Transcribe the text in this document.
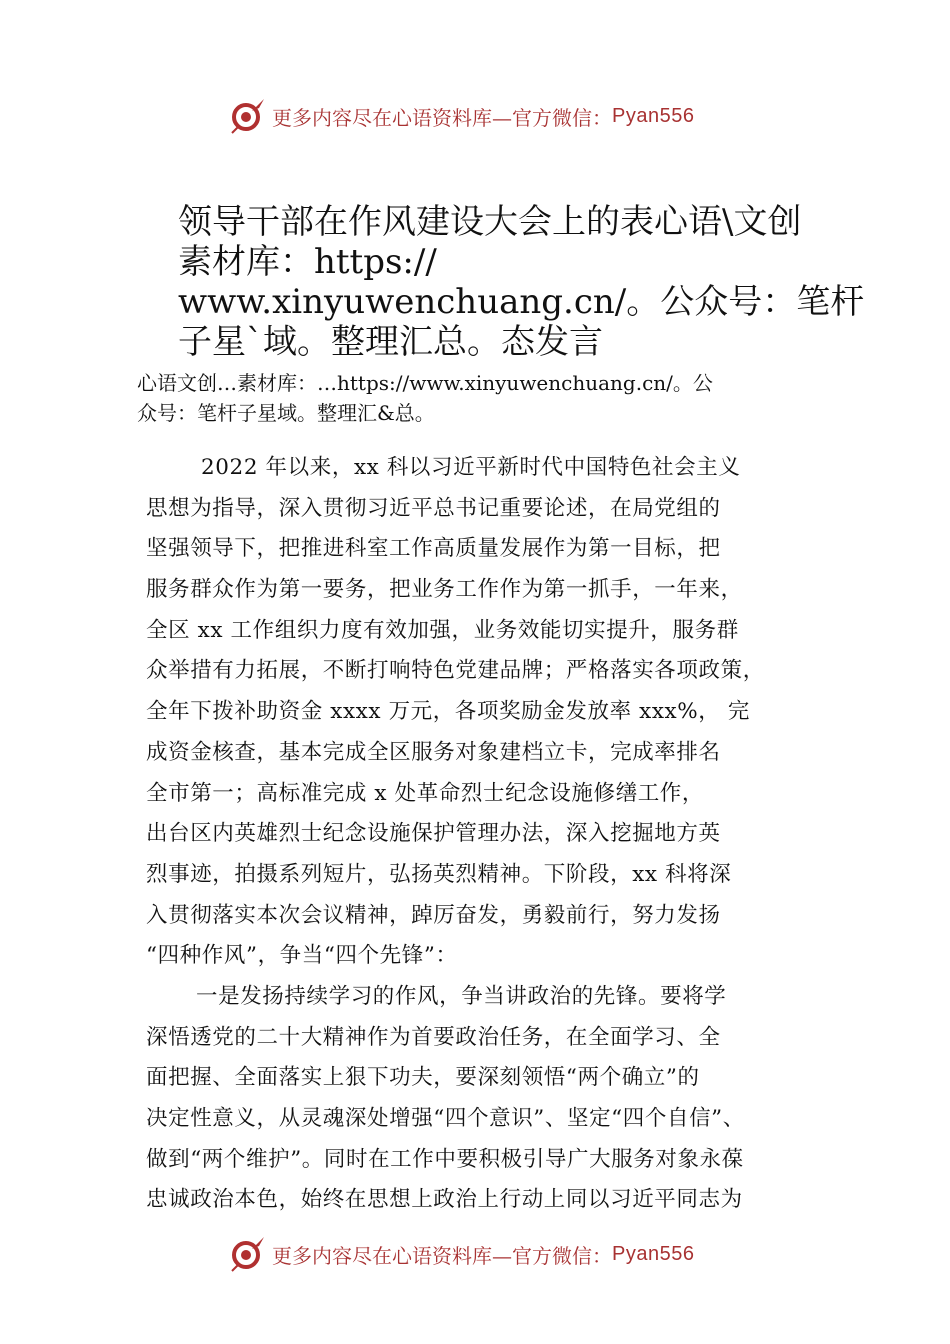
更多内容尽在心语资料库—官方微信： Pyan556
领导干部在作风建设大会上的表心语\文创
素材库：https://
www.xinyuwenchuang.cn/。公众号：笔杆
子星`域。整理汇总。态发言
心语文创…素材库：…https://www.xinyuwenchuang.cn/。公
众号：笔杆子星域。整理汇&总。
2022 年以来，xx 科以习近平新时代中国特色社会主义
思想为指导，深入贯彻习近平总书记重要论述，在局党组的
坚强领导下，把推进科室工作高质量发展作为第一目标，把
服务群众作为第一要务，把业务工作作为第一抓手，一年来，
全区 xx 工作组织力度有效加强，业务效能切实提升，服务群
众举措有力拓展，不断打响特色党建品牌；严格落实各项政策，
全年下拨补助资金 xxxx 万元，各项奖励金发放率 xxx%， 完
成资金核查，基本完成全区服务对象建档立卡，完成率排名
全市第一；高标准完成 x 处革命烈士纪念设施修缮工作，
出台区内英雄烈士纪念设施保护管理办法，深入挖掘地方英
烈事迹，拍摄系列短片，弘扬英烈精神。下阶段，xx 科将深
入贯彻落实本次会议精神，踔厉奋发，勇毅前行，努力发扬
“四种作风”，争当“四个先锋”：
一是发扬持续学习的作风，争当讲政治的先锋。要将学
深悟透党的二十大精神作为首要政治任务，在全面学习、全
面把握、全面落实上狠下功夫，要深刻领悟“两个确立”的
决定性意义，从灵魂深处增强“四个意识”、坚定“四个自信”、
做到“两个维护”。同时在工作中要积极引导广大服务对象永葆
忠诚政治本色，始终在思想上政治上行动上同以习近平同志为
更多内容尽在心语资料库—官方微信： Pyan556
